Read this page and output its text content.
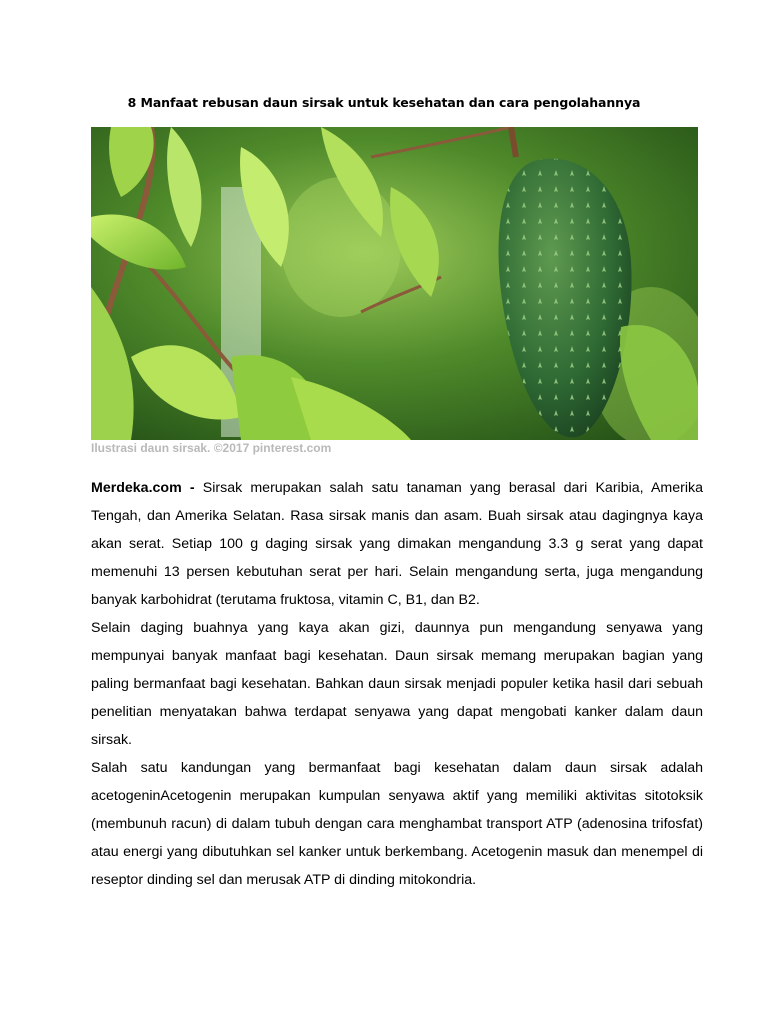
8 Manfaat rebusan daun sirsak untuk kesehatan dan cara pengolahannya
Ilustrasi daun sirsak. ©2017 pinterest.com

Merdeka.com - Sirsak merupakan salah satu tanaman yang berasal dari Karibia, Amerika Tengah, dan Amerika Selatan. Rasa sirsak manis dan asam. Buah sirsak atau dagingnya kaya akan serat. Setiap 100 g daging sirsak yang dimakan mengandung 3.3 g serat yang dapat memenuhi 13 persen kebutuhan serat per hari. Selain mengandung serta, juga mengandung banyak karbohidrat (terutama fruktosa, vitamin C, B1, dan B2.

Selain daging buahnya yang kaya akan gizi, daunnya pun mengandung senyawa yang mempunyai banyak manfaat bagi kesehatan. Daun sirsak memang merupakan bagian yang paling bermanfaat bagi kesehatan. Bahkan daun sirsak menjadi populer ketika hasil dari sebuah penelitian menyatakan bahwa terdapat senyawa yang dapat mengobati kanker dalam daun sirsak.

Salah satu kandungan yang bermanfaat bagi kesehatan dalam daun sirsak adalah acetogeninAcetogenin merupakan kumpulan senyawa aktif yang memiliki aktivitas sitotoksik (membunuh racun) di dalam tubuh dengan cara menghambat transport ATP (adenosina trifosfat) atau energi yang dibutuhkan sel kanker untuk berkembang. Acetogenin masuk dan menempel di reseptor dinding sel dan merusak ATP di dinding mitokondria.
